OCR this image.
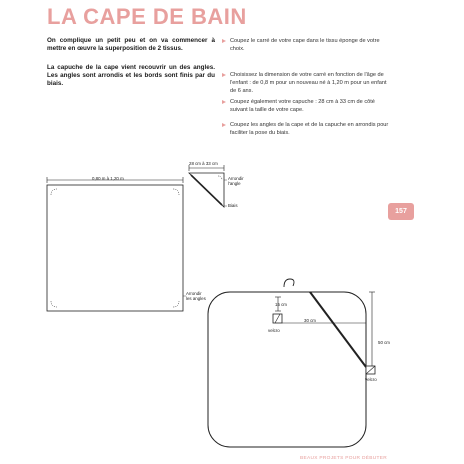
LA CAPE DE BAIN

On complique un petit peu et on va commencer à mettre en œuvre la superposition de 2 tissus.

La capuche de la cape vient recouvrir un des angles. Les angles sont arrondis et les bords sont finis par du biais.

Coupez le carré de votre cape dans le tissu éponge de votre choix.

Choisissez la dimension de votre carré en fonction de l'âge de l'enfant : de 0,8 m pour un nouveau né à 1,20 m pour un enfant de 6 ans.

Coupez également votre capuche : 28 cm à 33 cm de côté suivant la taille de votre cape.

Coupez les angles de la cape et de la capuche en arrondis pour faciliter la pose du biais.

0,80 m à 1,20 m
28 cm à 33 cm
Arrondir
l'angle
Biais
Arrondir
les angles
15 cm
velcro
30 cm
50 cm
velcro
157
BEAUX PROJETS POUR DÉBUTER
